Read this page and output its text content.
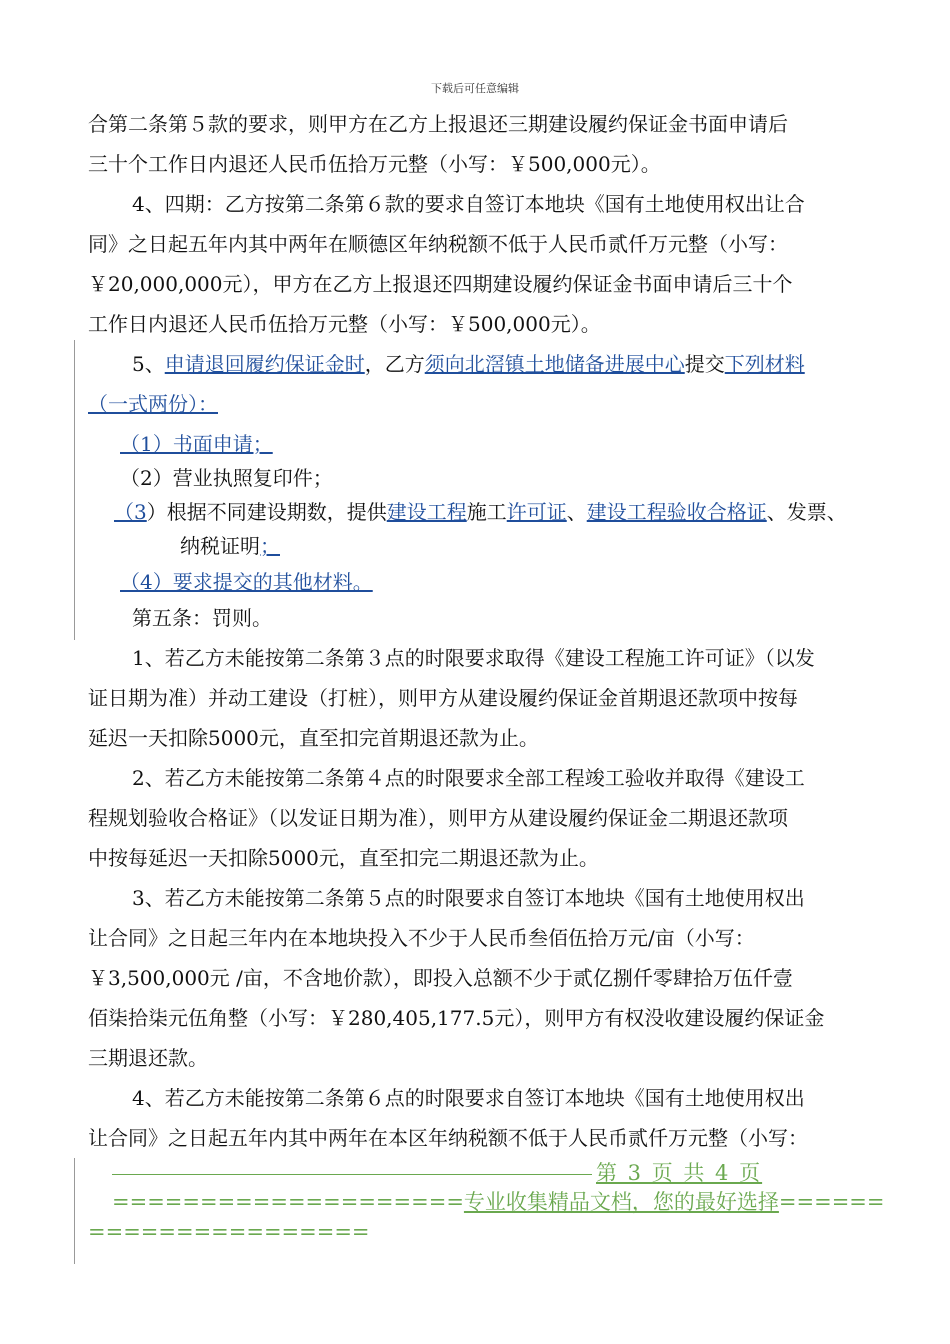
下载后可任意编辑

合第二条第５款的要求，则甲方在乙方上报退还三期建设履约保证金书面申请后

三十个工作日内退还人民币伍拾万元整（小写：￥500,000元）。

4、四期：乙方按第二条第６款的要求自签订本地块《国有土地使用权出让合

同》之日起五年内其中两年在顺德区年纳税额不低于人民币贰仟万元整（小写：

￥20,000,000元），甲方在乙方上报退还四期建设履约保证金书面申请后三十个

工作日内退还人民币伍拾万元整（小写：￥500,000元）。

5、申请退回履约保证金时，乙方须向北滘镇土地储备进展中心提交下列材料

（一式两份）：

（1）书面申请；

（2）营业执照复印件；

（3）根据不同建设期数，提供建设工程施工许可证、建设工程验收合格证、发票、

纳税证明；

（4）要求提交的其他材料。

第五条：罚则。

1、若乙方未能按第二条第３点的时限要求取得《建设工程施工许可证》（以发

证日期为准）并动工建设（打桩），则甲方从建设履约保证金首期退还款项中按每

延迟一天扣除5000元，直至扣完首期退还款为止。

2、若乙方未能按第二条第４点的时限要求全部工程竣工验收并取得《建设工

程规划验收合格证》（以发证日期为准），则甲方从建设履约保证金二期退还款项

中按每延迟一天扣除5000元，直至扣完二期退还款为止。

3、若乙方未能按第二条第５点的时限要求自签订本地块《国有土地使用权出

让合同》之日起三年内在本地块投入不少于人民币叁佰伍拾万元/亩（小写：

￥3,500,000元 /亩，不含地价款），即投入总额不少于贰亿捌仟零肆拾万伍仟壹

佰柒拾柒元伍角整（小写：￥280,405,177.5元），则甲方有权没收建设履约保证金

三期退还款。

4、若乙方未能按第二条第６点的时限要求自签订本地块《国有土地使用权出

让合同》之日起五年内其中两年在本区年纳税额不低于人民币贰仟万元整（小写：

第 3 页 共 4 页
====================专业收集精品文档，您的最好选择======
================
